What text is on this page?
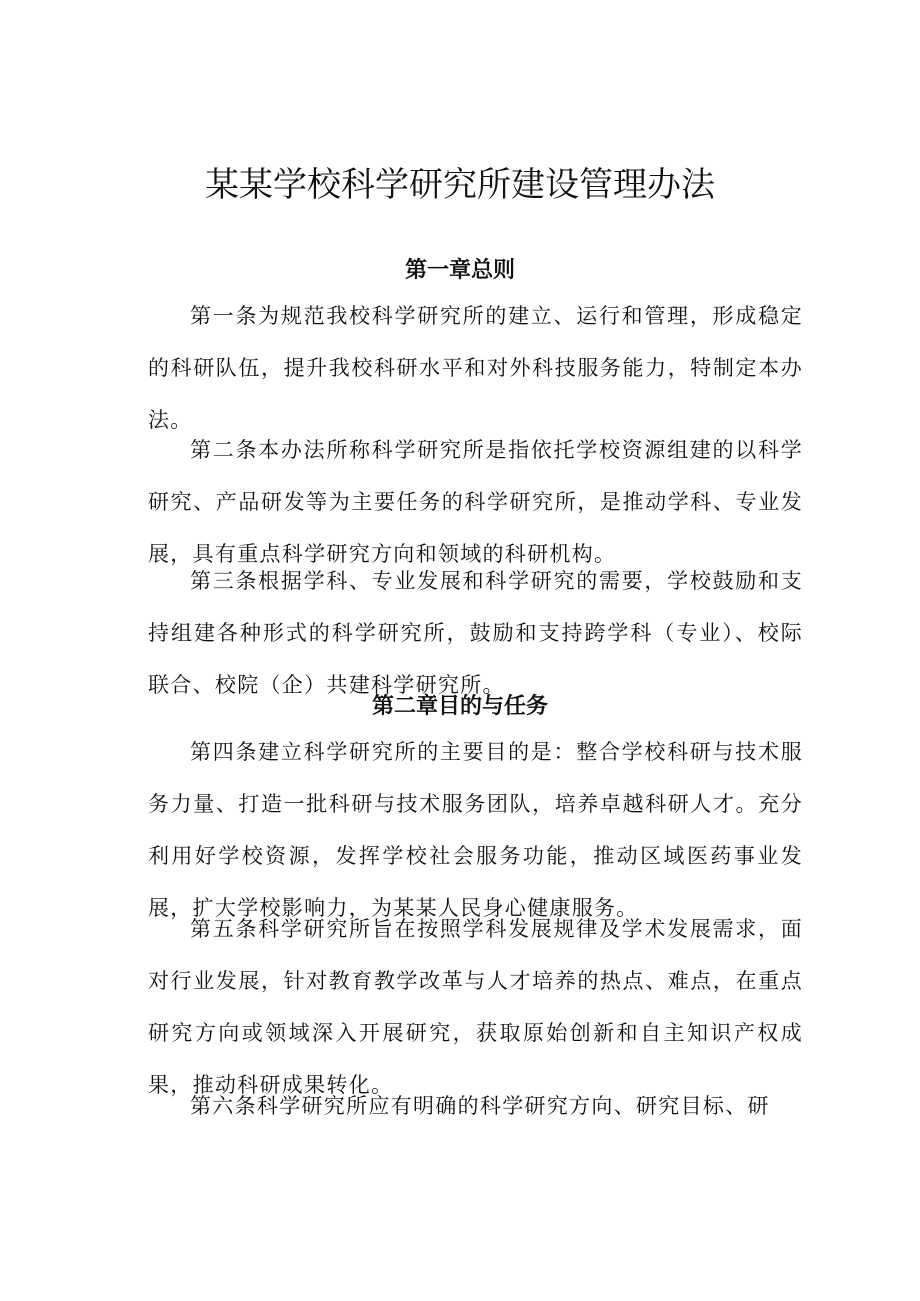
某某学校科学研究所建设管理办法
第一章总则

第一条为规范我校科学研究所的建立、运行和管理，形成稳定的科研队伍，提升我校科研水平和对外科技服务能力，特制定本办法。

第二条本办法所称科学研究所是指依托学校资源组建的以科学研究、产品研发等为主要任务的科学研究所，是推动学科、专业发展，具有重点科学研究方向和领域的科研机构。

第三条根据学科、专业发展和科学研究的需要，学校鼓励和支持组建各种形式的科学研究所，鼓励和支持跨学科（专业）、校际联合、校院（企）共建科学研究所。

第二章目的与任务

第四条建立科学研究所的主要目的是：整合学校科研与技术服务力量、打造一批科研与技术服务团队，培养卓越科研人才。充分利用好学校资源，发挥学校社会服务功能，推动区域医药事业发展，扩大学校影响力，为某某人民身心健康服务。

第五条科学研究所旨在按照学科发展规律及学术发展需求，面对行业发展，针对教育教学改革与人才培养的热点、难点，在重点研究方向或领域深入开展研究，获取原始创新和自主知识产权成果，推动科研成果转化。

第六条科学研究所应有明确的科学研究方向、研究目标、研
